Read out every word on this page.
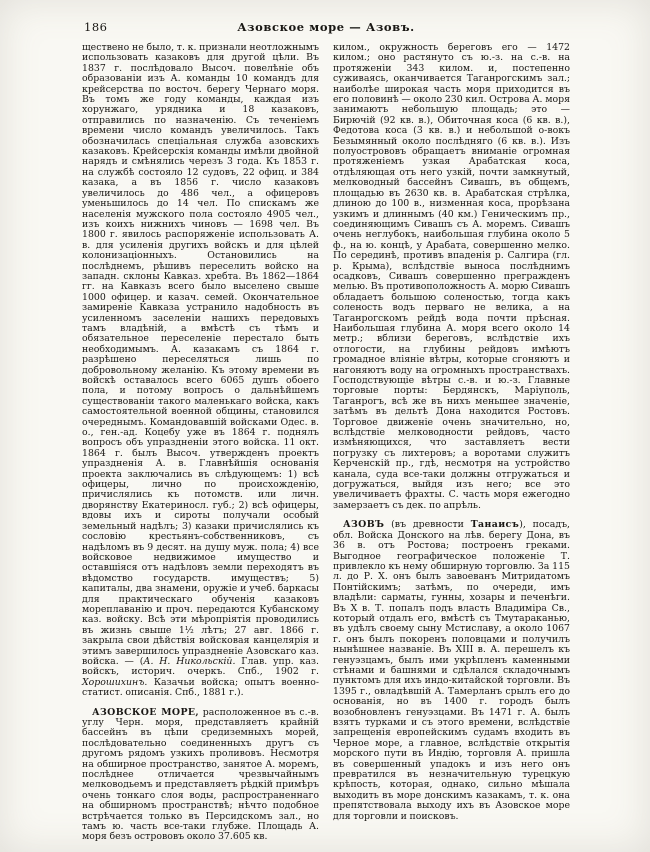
186	Азовское море — Азовъ.

ществено не было, т. к. признали неотложнымъ использовать казаковъ для другой цѣли. Въ 1837 г. послѣдовало Высоч. повелѣніе объ образованіи изъ А. команды 10 командъ для крейсерства по восточ. берегу Чернаго моря. Въ томъ же году команды, каждая изъ хорунжаго, урядника и 18 казаковъ, отправились по назначенію. Съ теченіемъ времени число командъ увеличилось. Такъ обозначилась спеціальная служба азовскихъ казаковъ. Крейсерскія команды имѣли двойной нарядъ и смѣнялись черезъ 3 года. Къ 1853 г. на службѣ состояло 12 судовъ, 22 офиц. и 384 казака, а въ 1856 г. число казаковъ увеличилось до 486 чел., а офицеровъ уменьшилось до 14 чел. По спискамъ же населенія мужского пола состояло 4905 чел., изъ коихъ нижнихъ чиновъ — 1698 чел. Въ 1800 г. явилось распоряженіе использовать А. в. для усиленія другихъ войскъ и для цѣлей колонизаціонныхъ. Остановились на послѣднемъ, рѣшивъ переселить войско на западн. склоны Кавказ. хребта. Въ 1862—1864 гг. на Кавказъ всего было выселено свыше 1000 офицер. и казач. семей. Окончательное замиреніе Кавказа устранило надобность въ усиленномъ заселеніи нашихъ передовыхъ тамъ владѣній, а вмѣстѣ съ тѣмъ и обязательное переселеніе перестало быть необходимымъ. А. казакамъ съ 1864 г. разрѣшено переселяться лишь по добровольному желанію. Къ этому времени въ войскѣ оставалось всего 6065 душъ обоего пола, и потому вопросъ о дальнѣйшемъ существованіи такого маленькаго войска, какъ самостоятельной военной общины, становился очереднымъ. Командовавшій войсками Одес. в. о., ген.-ад. Коцебу уже въ 1864 г. поднялъ вопросъ объ упраздненіи этого войска. 11 окт. 1864 г. былъ Высоч. утвержденъ проектъ упраздненія А. в. Главнѣйшія основанія проекта заключались въ слѣдующемъ: 1) всѣ офицеры, лично по происхожденію, причислялись къ потомств. или личн. дворянству Екатериносл. губ.; 2) всѣ офицеры, вдовы ихъ и сироты получали особый земельный надѣлъ; 3) казаки причислялись къ сословію крестьянъ-собственниковъ, съ надѣломъ въ 9 десят. на душу муж. пола; 4) все войсковое недвижимое имущество и оставшіяся отъ надѣловъ земли переходятъ въ вѣдомство государств. имуществъ; 5) капиталы, два знамени, оружіе и учеб. баркасы для практическаго обученія казаковъ мореплаванію и проч. передаются Кубанскому каз. войску. Всѣ эти мѣропріятія проводились въ жизнь свыше 1½ лѣтъ; 27 авг. 1866 г. закрыла свои дѣйствія войсковая канцелярія и этимъ завершилось упраздненіе Азовскаго каз. войска. — (А. Н. Никольскій. Глав. упр. каз. войскъ, историч. очеркъ. Спб., 1902 г. Хорошихинъ. Казачьи войска; опытъ военно-статист. описанія. Спб., 1881 г.).

АЗОВСКОЕ МОРЕ, расположенное въ с.-в. углу Черн. моря, представляетъ крайній бассейнъ въ цѣпи средиземныхъ морей, послѣдовательно соединенныхъ другъ съ другомъ рядомъ узкихъ проливовъ. Несмотря на обширное пространство, занятое А. моремъ, послѣднее отличается чрезвычайнымъ мелководьемъ и представляетъ рѣдкій примѣръ очень тонкаго слоя воды, распространеннаго на обширномъ пространствѣ; нѣчто подобное встрѣчается только въ Персидскомъ зал., но тамъ ю. часть все-таки глубже. Площадь А. моря безъ острововъ около 37.605 кв.

килом., окружность береговъ его — 1472 килом.; оно растянуто съ ю.-з. на с.-в. на протяженіи 343 килом. и, постепенно суживаясь, оканчивается Таганрогскимъ зал.; наиболѣе широкая часть моря приходится въ его половинѣ — около 230 кил. Острова А. моря занимаютъ небольшую площадь; это — Бирючій (92 кв. в.), Обиточная коса (6 кв. в.), Федотова коса (3 кв. в.) и небольшой о-вокъ Безымянный около послѣдняго (6 кв. в.). Изъ полуострововъ обращаетъ вниманіе огромная протяженіемъ узкая Арабатская коса, отдѣляющая отъ него узкій, почти замкнутый, мелководный бассейнъ Сивашъ, въ общемъ, площадью въ 2630 кв. в. Арабатская стрѣлка, длиною до 100 в., низменная коса, прорѣзана узкимъ и длиннымъ (40 км.) Геническимъ пр., соединяющимъ Сивашъ съ А. моремъ. Сивашъ очень неглубокъ, наибольшая глубина около 5 ф., на ю. концѣ, у Арабата, совершенно мелко. По серединѣ, противъ впаденія р. Салгира (гл. р. Крыма), вслѣдствіе выноса послѣднимъ осадковъ, Сивашъ совершенно прегражденъ мелью. Въ противоположность А. морю Сивашъ обладаетъ большою соленостью, тогда какъ соленость водъ перваго не велика, а на Таганрогскомъ рейдѣ вода почти прѣсная. Наибольшая глубина А. моря всего около 14 метр.; вблизи береговъ, вслѣдствіе ихъ отлогости, на глубины рейдовъ имѣютъ громадное вліяніе вѣтры, которые сгоняютъ и нагоняютъ воду на огромныхъ пространствахъ. Господствующіе вѣтры с.-в. и ю.-з. Главные торговые порты: Бердянскъ, Маріуполь, Таганрогъ, всѣ же въ нихъ меньшее значеніе, затѣмъ въ дельтѣ Дона находится Ростовъ. Торговое движеніе очень значительно, но, вслѣдствіе мелководности рейдовъ, часто измѣняющихся, что заставляетъ вести погрузку съ лихтеровъ; а воротами служитъ Керченскій пр., гдѣ, несмотря на устройство канала, суда все-таки должны отгружаться и догружаться, выйдя изъ него; все это увеличиваетъ фрахты. С. часть моря ежегодно замерзаетъ съ дек. по апрѣль.

АЗОВЪ (въ древности Танаисъ), посадъ, обл. Войска Донского на лѣв. берегу Дона, въ 36 в. отъ Ростова; построенъ греками. Выгодное географическое положеніе Т. привлекло къ нему обширную торговлю. За 115 л. до Р. Х. онъ былъ завоеванъ Митридатомъ Понтійскимъ; затѣмъ, по очереди, имъ владѣли: сарматы, гунны, хозары и печенѣги. Въ Х в. Т. попалъ подъ власть Владиміра Св., который отдалъ его, вмѣстѣ съ Тмутараканью, въ удѣлъ своему сыну Мстиславу, а около 1067 г. онъ былъ покоренъ половцами и получилъ нынѣшнее названіе. Въ XIII в. А. перешелъ къ генуэзцамъ, былъ ими укрѣпленъ каменными стѣнами и башнями и сдѣлался складочнымъ пунктомъ для ихъ индо-китайской торговли. Въ 1395 г., овладѣвшій А. Тамерланъ срылъ его до основанія, но въ 1400 г. городъ былъ возобновленъ генуэзцами. Въ 1471 г. А. былъ взятъ турками и съ этого времени, вслѣдствіе запрещенія европейскимъ судамъ входить въ Черное море, а главное, вслѣдствіе открытія морского пути въ Индію, торговля А. пришла въ совершенный упадокъ и изъ него онъ превратился въ незначительную турецкую крѣпость, которая, однако, сильно мѣшала выходить въ море донскимъ казакамъ, т. к. она препятствовала выходу ихъ въ Азовское море для торговли и поисковъ.
